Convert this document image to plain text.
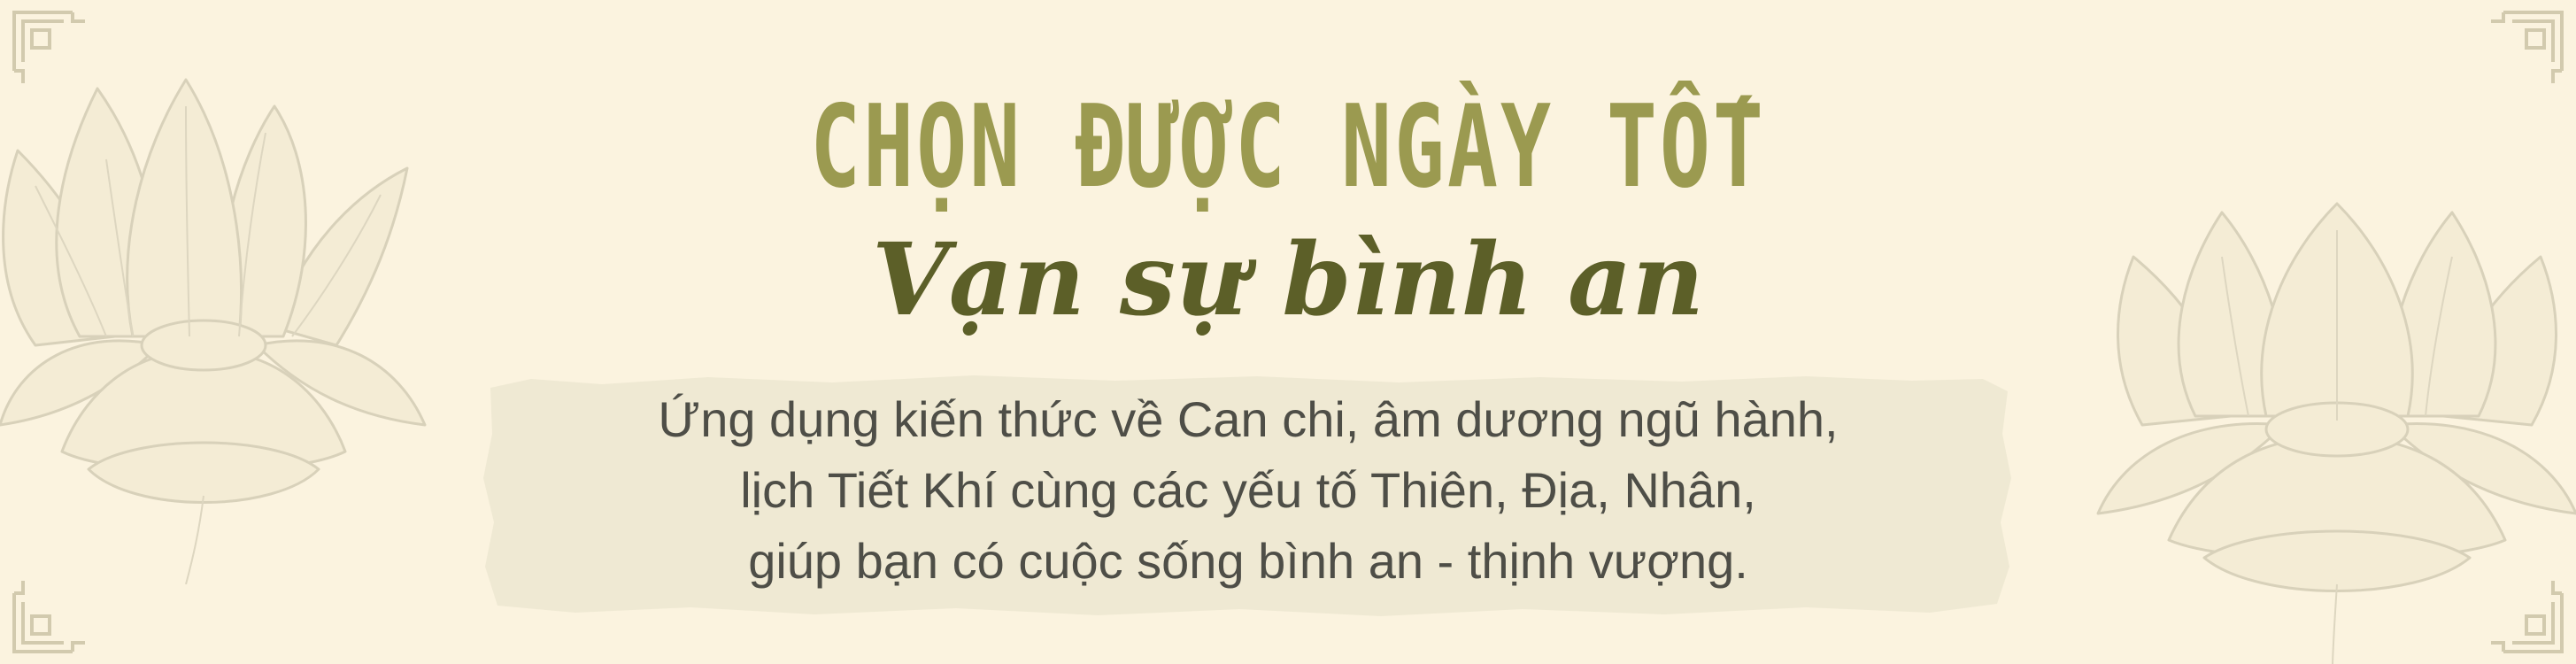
CHỌN ĐƯỢC NGÀY TỐT
Vạn sự bình an
Ứng dụng kiến thức về Can chi, âm dương ngũ hành,
lịch Tiết Khí cùng các yếu tố Thiên, Địa, Nhân,
giúp bạn có cuộc sống bình an - thịnh vượng.
